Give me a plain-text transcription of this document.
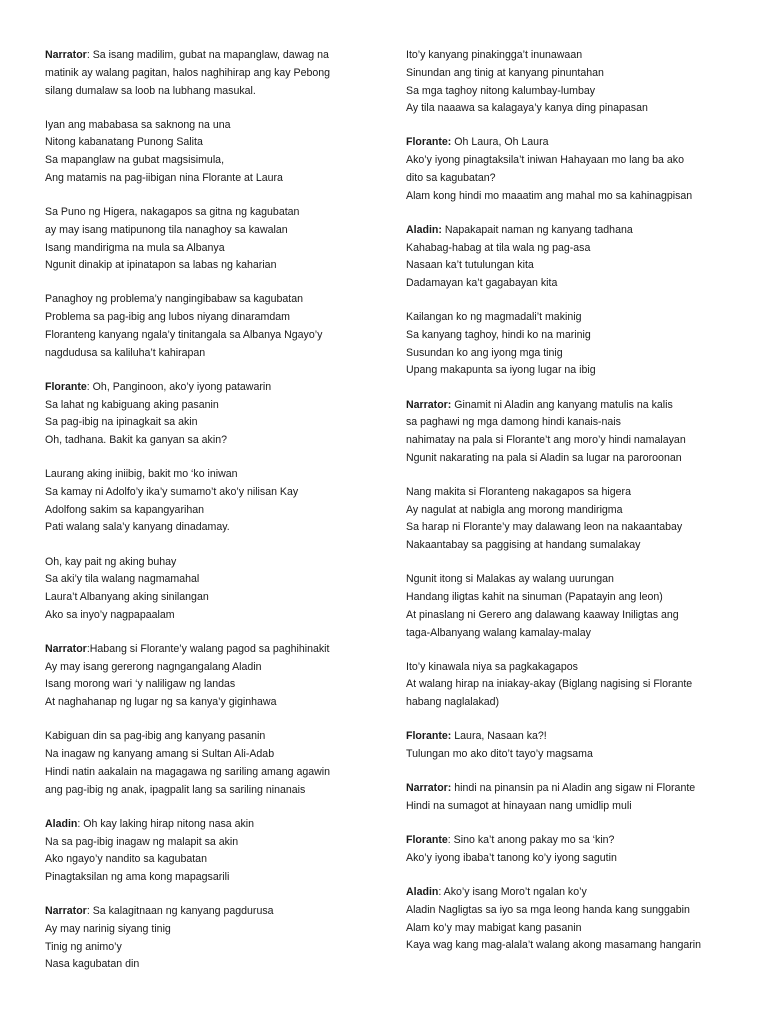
Narrator: Sa isang madilim, gubat na mapanglaw, dawag na
matinik ay walang pagitan, halos naghihirap ang kay Pebong
silang dumalaw sa loob na lubhang masukal.
Iyan ang mababasa sa saknong na una
Nitong kabanatang Punong Salita
Sa mapanglaw na gubat magsisimula,
Ang matamis na pag-iibigan nina Florante at Laura
Sa Puno ng Higera, nakagapos sa gitna ng kagubatan
ay may isang matipunong tila nanaghoy sa kawalan
Isang mandirigma na mula sa Albanya
Ngunit dinakip at ipinatapon sa labas ng kaharian
Panaghoy ng problema’y nangingibabaw sa kagubatan
Problema sa pag-ibig ang lubos niyang dinaramdam
Floranteng kanyang ngala’y tinitangala sa Albanya Ngayo’y
nagdudusa sa kaliluha’t kahirapan
Florante: Oh, Panginoon, ako’y iyong patawarin
Sa lahat ng kabiguang aking pasanin
Sa pag-ibig na ipinagkait sa akin
Oh, tadhana. Bakit ka ganyan sa akin?
Laurang aking iniibig, bakit mo ‘ko iniwan
Sa kamay ni Adolfo’y ika’y sumamo’t ako’y nilisan Kay
Adolfong sakim sa kapangyarihan
Pati walang sala’y kanyang dinadamay.
Oh, kay pait ng aking buhay
Sa aki’y tila walang nagmamahal
Laura’t Albanyang aking sinilangan
Ako sa inyo’y nagpapaalam
Narrator:Habang si Florante’y walang pagod sa paghihinakit
Ay may isang gererong nagngangalang Aladin
Isang morong wari ‘y naliligaw ng landas
At naghahanap ng lugar ng sa kanya’y giginhawa
Kabiguan din sa pag-ibig ang kanyang pasanin
Na inagaw ng kanyang amang si Sultan Ali-Adab
Hindi natin aakalain na magagawa ng sariling amang agawin
ang pag-ibig ng anak, ipagpalit lang sa sariling ninanais
Aladin: Oh kay laking hirap nitong nasa akin
Na sa pag-ibig inagaw ng malapit sa akin
Ako ngayo’y nandito sa kagubatan
Pinagtaksilan ng ama kong mapagsarili
Narrator: Sa kalagitnaan ng kanyang pagdurusa
Ay may narinig siyang tinig
Tinig ng animo’y
Nasa kagubatan din
Ito’y kanyang pinakingga’t inunawaan
Sinundan ang tinig at kanyang pinuntahan
Sa mga taghoy nitong kalumbay-lumbay
Ay tila naaawa sa kalagaya’y kanya ding pinapasan
Florante: Oh Laura, Oh Laura
Ako’y iyong pinagtaksila’t iniwan Hahayaan mo lang ba ako
dito sa kagubatan?
Alam kong hindi mo maaatim ang mahal mo sa kahinagpisan
Aladin: Napakapait naman ng kanyang tadhana
Kahabag-habag at tila wala ng pag-asa
Nasaan ka’t tutulungan kita
Dadamayan ka’t gagabayan kita
Kailangan ko ng magmadali’t makinig
Sa kanyang taghoy, hindi ko na marinig
Susundan ko ang iyong mga tinig
Upang makapunta sa iyong lugar na ibig
Narrator: Ginamit ni Aladin ang kanyang matulis na kalis
sa paghawi ng mga damong hindi kanais-nais
nahimatay na pala si Florante’t ang moro’y hindi namalayan
Ngunit nakarating na pala si Aladin sa lugar na paroroonan
Nang makita si Floranteng nakagapos sa higera
Ay nagulat at nabigla ang morong mandirigma
Sa harap ni Florante’y may dalawang leon na nakaantabay
Nakaantabay sa paggising at handang sumalakay
Ngunit itong si Malakas ay walang uurungan
Handang iligtas kahit na sinuman (Papatayin ang leon)
At pinaslang ni Gerero ang dalawang kaaway Iniligtas ang
taga-Albanyang walang kamalay-malay
Ito’y kinawala niya sa pagkakagapos
At walang hirap na iniakay-akay (Biglang nagising si Florante
habang naglalakad)
Florante: Laura, Nasaan ka?!
Tulungan mo ako dito’t tayo’y magsama
Narrator: hindi na pinansin pa ni Aladin ang sigaw ni Florante
Hindi na sumagot at hinayaan nang umidlip muli
Florante: Sino ka’t anong pakay mo sa ‘kin?
Ako’y iyong ibaba’t tanong ko’y iyong sagutin
Aladin: Ako’y isang Moro’t ngalan ko’y
Aladin Nagligtas sa iyo sa mga leong handa kang sunggabin
Alam ko’y may mabigat kang pasanin
Kaya wag kang mag-alala’t walang akong masamang hangarin
